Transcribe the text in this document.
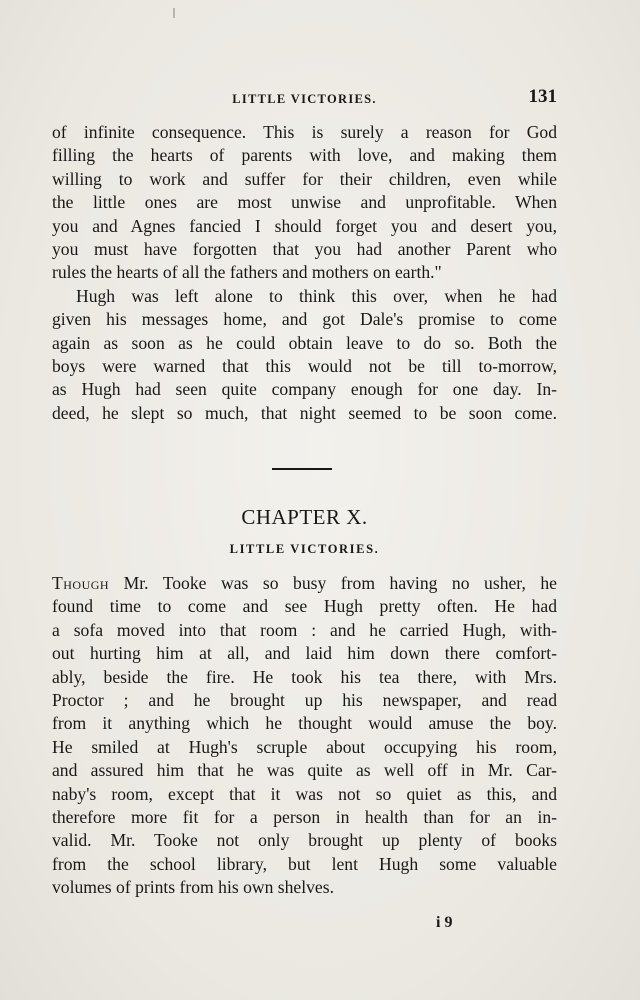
LITTLE VICTORIES.	131
of infinite consequence. This is surely a reason for God
filling the hearts of parents with love, and making them
willing to work and suffer for their children, even while
the little ones are most unwise and unprofitable. When
you and Agnes fancied I should forget you and desert you,
you must have forgotten that you had another Parent who
rules the hearts of all the fathers and mothers on earth."
Hugh was left alone to think this over, when he had
given his messages home, and got Dale's promise to come
again as soon as he could obtain leave to do so. Both the
boys were warned that this would not be till to-morrow,
as Hugh had seen quite company enough for one day. In-
deed, he slept so much, that night seemed to be soon come.
CHAPTER X.
LITTLE VICTORIES.
Though Mr. Tooke was so busy from having no usher, he
found time to come and see Hugh pretty often. He had
a sofa moved into that room : and he carried Hugh, with-
out hurting him at all, and laid him down there comfort-
ably, beside the fire. He took his tea there, with Mrs.
Proctor ; and he brought up his newspaper, and read
from it anything which he thought would amuse the boy.
He smiled at Hugh's scruple about occupying his room,
and assured him that he was quite as well off in Mr. Car-
naby's room, except that it was not so quiet as this, and
therefore more fit for a person in health than for an in-
valid. Mr. Tooke not only brought up plenty of books
from the school library, but lent Hugh some valuable
volumes of prints from his own shelves.
i 9
